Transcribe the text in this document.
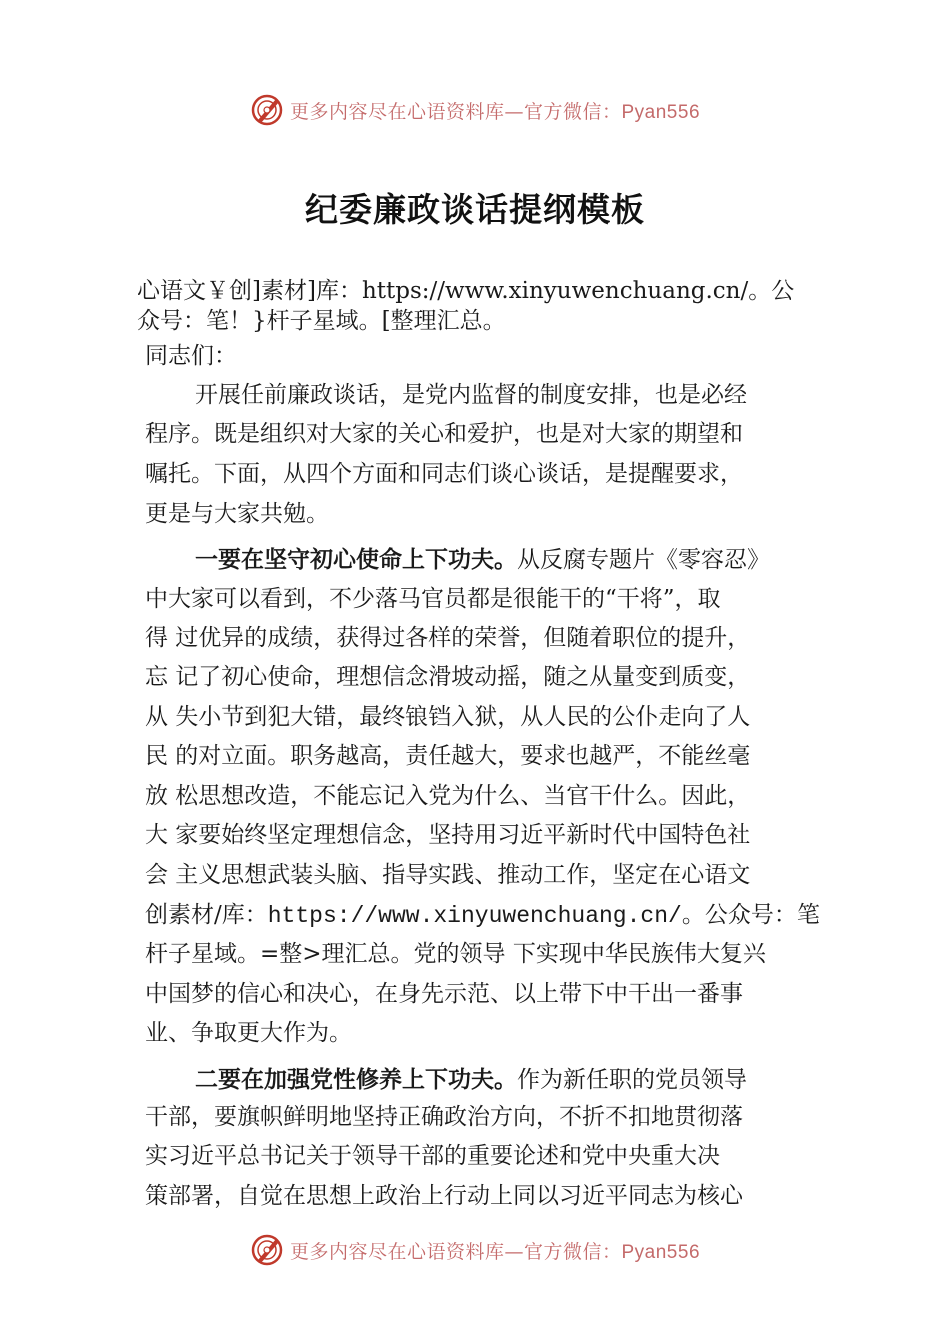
更多内容尽在心语资料库—官方微信：Pyan556
纪委廉政谈话提纲模板
心语文￥创]素材]库：https://www.xinyuwenchuang.cn/。公
众号：笔！}杆子星域。[整理汇总。
同志们：
开展任前廉政谈话，是党内监督的制度安排，也是必经
程序。既是组织对大家的关心和爱护，也是对大家的期望和
嘱托。下面，从四个方面和同志们谈心谈话，是提醒要求，
更是与大家共勉。
一要在坚守初心使命上下功夫。从反腐专题片《零容忍》
中大家可以看到，不少落马官员都是很能干的“干将”，取
得 过优异的成绩，获得过各样的荣誉，但随着职位的提升，
忘 记了初心使命，理想信念滑坡动摇，随之从量变到质变，
从 失小节到犯大错，最终锒铛入狱，从人民的公仆走向了人
民 的对立面。职务越高，责任越大，要求也越严，不能丝毫
放 松思想改造，不能忘记入党为什么、当官干什么。因此，
大 家要始终坚定理想信念，坚持用习近平新时代中国特色社
会 主义思想武装头脑、指导实践、推动工作，坚定在心语文
创素材/库：https://www.xinyuwenchuang.cn/。公众号：笔
杆子星域。=整>理汇总。党的领导 下实现中华民族伟大复兴
中国梦的信心和决心，在身先示范、以上带下中干出一番事
业、争取更大作为。
二要在加强党性修养上下功夫。作为新任职的党员领导
干部，要旗帜鲜明地坚持正确政治方向，不折不扣地贯彻落
实习近平总书记关于领导干部的重要论述和党中央重大决
策部署，自觉在思想上政治上行动上同以习近平同志为核心
更多内容尽在心语资料库—官方微信：Pyan556
